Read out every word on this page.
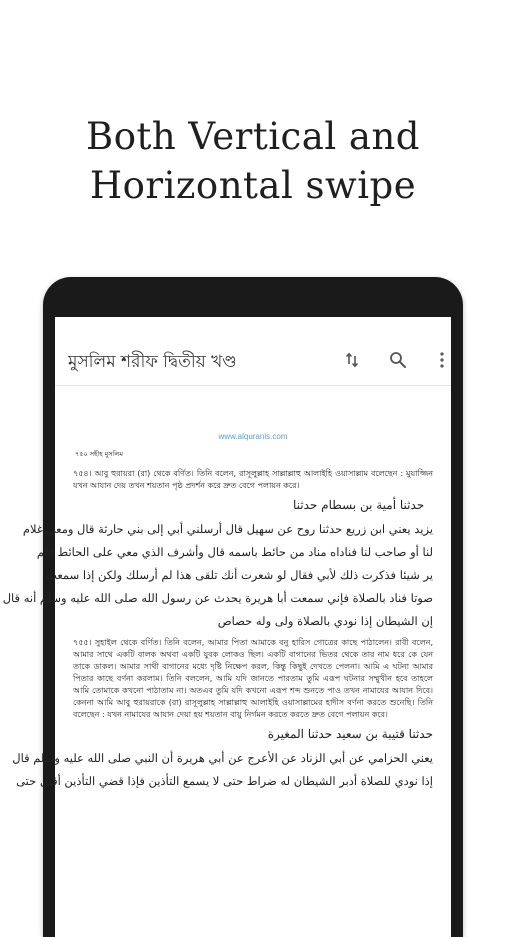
Both Vertical and
Horizontal swipe
মুসলিম শরীফ দ্বিতীয় খণ্ড
www.alquranis.com
৭৫০ সহীহ মুসলিম
৭৫৪। আবু হুরায়রা (রা) থেকে বর্ণিত। তিনি বলেন, রাসূলুল্লাহ সাল্লাল্লাহু আলাইহি ওয়াসাল্লাম বলেছেন : মুয়াজ্জিন যখন আযান দেয় তখন শয়তান পৃষ্ঠ প্রদর্শন করে দ্রুত বেগে পলায়ন করে।
حدثنا أمية بن بسطام حدثنا
يزيد يعني ابن زريع حدثنا روح عن سهيل قال أرسلني أبي إلى بني حارثة قال ومعي غلام
لنا أو صاحب لنا فناداه مناد من حائط باسمه قال وأشرف الذي معي على الحائط فلم
ير شيئا فذكرت ذلك لأبي فقال لو شعرت أنك تلقى هذا لم أرسلك ولكن إذا سمعت
صوتا فناد بالصلاة فإني سمعت أبا هريرة يحدث عن رسول الله صلى الله عليه وسلم أنه قال
إن الشيطان إذا نودي بالصلاة ولى وله حصاص
৭৫৫। সুহাইল থেকে বর্ণিত। তিনি বলেন, আমার পিতা আমাকে বনু হারিস গোত্রের কাছে পাঠালেন। রাবী বলেন, আমার সাথে একটি বালক অথবা একটি যুবক লোকও ছিল। একটি বাগানের ভিতর থেকে তার নাম ধরে কে যেন তাকে ডাকল। আমার সাথী বাগানের মধ্যে দৃষ্টি নিক্ষেপ করল, কিন্তু কিছুই দেখতে পেলনা। আমি এ ঘটনা আমার পিতার কাছে বর্ণনা করলাম। তিনি বললেন, আমি যদি জানতে পারতাম তুমি এরূপ ঘটনার সম্মুখীন হবে তাহলে আমি তোমাকে কখনো পাঠাতাম না। অতএব তুমি যদি কখনো এরূপ শব্দ শুনতে পাও তখন নামাযের আযান দিবে। কেননা আমি আবু হুরায়রাকে (রা) রাসূলুল্লাহ সাল্লাল্লাহু আলাইহি ওয়াসাল্লামের হাদীস বর্ণনা করতে শুনেছি। তিনি বলেছেন : যখন নামাযের আযান দেয়া হয় শয়তান বায়ু নির্গমন করতে করতে দ্রুত বেগে পলায়ন করে।
حدثنا قتيبة بن سعيد حدثنا المغيرة
يعني الحزامي عن أبي الزناد عن الأعرج عن أبي هريرة أن النبي صلى الله عليه وسلم قال
إذا نودي للصلاة أدبر الشيطان له ضراط حتى لا يسمع التأذين فإذا قضي التأذين أقبل حتى
